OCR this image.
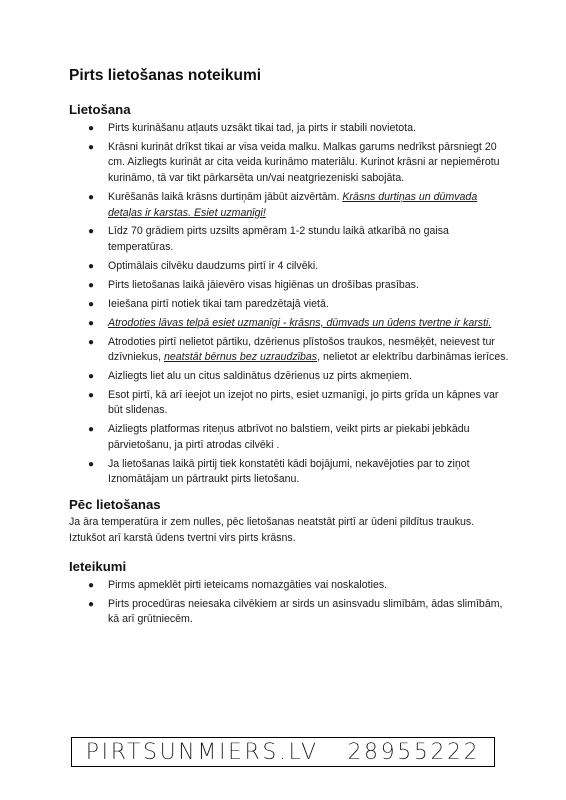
Pirts lietošanas noteikumi
Lietošana
● Pirts kurināšanu atļauts uzsākt tikai tad, ja pirts ir stabili novietota.
● Krāsni kurināt drīkst tikai ar visa veida malku. Malkas garums nedrīkst pārsniegt 20 cm. Aizliegts kurināt ar cita veida kurināmo materiālu. Kurinot krāsni ar nepiemērotu kurināmo, tā var tikt pārkarsēta un/vai neatgriezeniski sabojāta.
● Kurēšanās laikā krāsns durtiņām jābūt aizvērtām. Krāsns durtiņas un dūmvada detaļas ir karstas. Esiet uzmanīgi!
● Līdz 70 grādiem pirts uzsilts apmēram 1-2 stundu laikā atkarībā no gaisa temperatūras.
● Optimālais cilvēku daudzums pirtī ir 4 cilvēki.
● Pirts lietošanas laikā jāievēro visas higiēnas un drošības prasības.
● Ieiešana pirtī notiek tikai tam paredzētajā vietā.
● Atrodoties lāvas telpā esiet uzmanīgi - krāsns, dūmvads un ūdens tvertne ir karsti.
● Atrodoties pirtī nelietot pārtiku, dzērienus plīstošos traukos, nesmēķēt, neievest tur dzīvniekus, neatstāt bērnus bez uzraudzības, nelietot ar elektrību darbināmas ierīces.
● Aizliegts liet alu un citus saldinātus dzērienus uz pirts akmeņiem.
● Esot pirtī, kā arī ieejot un izejot no pirts, esiet uzmanīgi, jo pirts grīda un kāpnes var būt slidenas.
● Aizliegts platformas riteņus atbrīvot no balstiem, veikt pirts ar piekabi jebkādu pārvietošanu, ja pirtī atrodas cilvēki .
● Ja lietošanas laikā pirtij tiek konstatēti kādi bojājumi, nekavējoties par to ziņot Iznomātājam un pārtraukt pirts lietošanu.
Pēc lietošanas

Ja āra temperatūra ir zem nulles, pēc lietošanas neatstāt pirtī ar ūdeni pildītus traukus. Iztukšot arī karstā ūdens tvertni virs pirts krāsns.

Ieteikumi
● Pirms apmeklēt pirti ieteicams nomazgāties vai noskaloties.
● Pirts procedūras neiesaka cilvēkiem ar sirds un asinsvadu slimībām, ādas slimībām, kā arī grūtniecēm.
PIRTSUNMIERS.LV   28955222
